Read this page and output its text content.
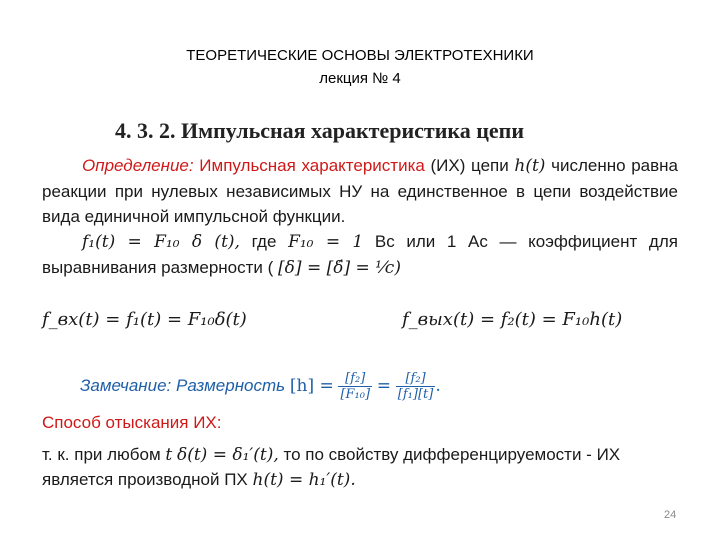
ТЕОРЕТИЧЕСКИЕ ОСНОВЫ ЭЛЕКТРОТЕХНИКИ
лекция № 4
4. 3. 2. Импульсная характеристика цепи
Определение: Импульсная характеристика (ИХ) цепи h(t) численно равна реакции при нулевых независимых НУ на единственное в цепи воздействие вида единичной импульсной функции.
f₁(t) = F₁₀ δ (t), где F₁₀ = 1 Вс или 1 Ас — коэффициент для выравнивания размерности ( [δ] = [δ́] = ¹⁄c)
f_вх(t) = f₁(t) = F₁₀δ(t)	f_вых(t) = f₂(t) = F₁₀h(t)
Замечание: Размерность $[h] = \frac{\text{[f₂]}}{\text{[F₁₀]}} = \frac{\text{[f₂]}}{\text{[f₁][t]}}$ .
Способ отыскания ИХ:
т. к. при любом t δ(t) = δ₁′(t), то по свойству дифференцируемости - ИХ
является производной ПХ h(t) = h₁′(t).
24
